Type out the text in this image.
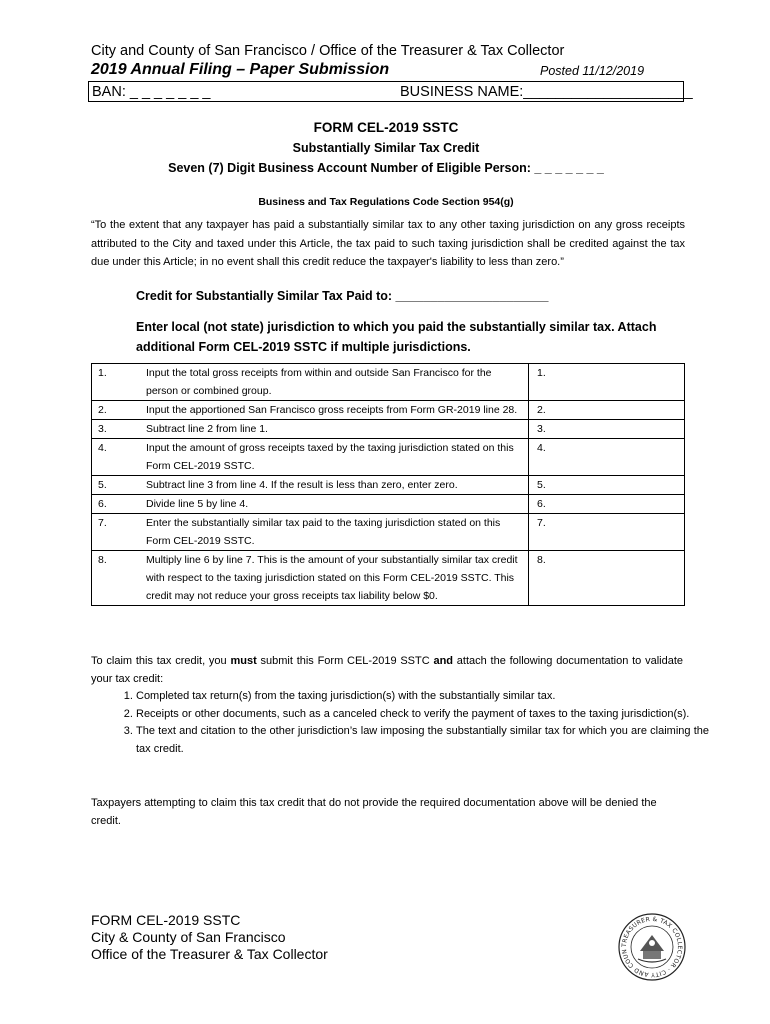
City and County of San Francisco / Office of the Treasurer & Tax Collector
2019 Annual Filing – Paper Submission	Posted 11/12/2019
BAN: _ _ _ _ _ _ _	BUSINESS NAME:_____________________
FORM CEL-2019 SSTC
Substantially Similar Tax Credit
Seven (7) Digit Business Account Number of Eligible Person: _ _ _ _ _ _ _
Business and Tax Regulations Code Section 954(g)
“To the extent that any taxpayer has paid a substantially similar tax to any other taxing jurisdiction on any gross receipts attributed to the City and taxed under this Article, the tax paid to such taxing jurisdiction shall be credited against the tax due under this Article; in no event shall this credit reduce the taxpayer's liability to less than zero.”
Credit for Substantially Similar Tax Paid to: ______________________
Enter local (not state) jurisdiction to which you paid the substantially similar tax. Attach additional Form CEL-2019 SSTC if multiple jurisdictions.
1.	Input the total gross receipts from within and outside San Francisco for the person or combined group.	1.
2.	Input the apportioned San Francisco gross receipts from Form GR-2019 line 28.	2.
3.	Subtract line 2 from line 1.	3.
4.	Input the amount of gross receipts taxed by the taxing jurisdiction stated on this Form CEL-2019 SSTC.	4.
5.	Subtract line 3 from line 4. If the result is less than zero, enter zero.	5.
6.	Divide line 5 by line 4.	6.
7.	Enter the substantially similar tax paid to the taxing jurisdiction stated on this Form CEL-2019 SSTC.	7.
8.	Multiply line 6 by line 7. This is the amount of your substantially similar tax credit with respect to the taxing jurisdiction stated on this Form CEL-2019 SSTC. This credit may not reduce your gross receipts tax liability below $0.	8.
To claim this tax credit, you must submit this Form CEL-2019 SSTC and attach the following documentation to validate your tax credit:
1. Completed tax return(s) from the taxing jurisdiction(s) with the substantially similar tax.
2. Receipts or other documents, such as a canceled check to verify the payment of taxes to the taxing jurisdiction(s).
3. The text and citation to the other jurisdiction’s law imposing the substantially similar tax for which you are claiming the tax credit.
Taxpayers attempting to claim this tax credit that do not provide the required documentation above will be denied the credit.
FORM CEL-2019 SSTC
City & County of San Francisco
Office of the Treasurer & Tax Collector
TREASURER & TAX COLLECTOR · CITY AND COUN
